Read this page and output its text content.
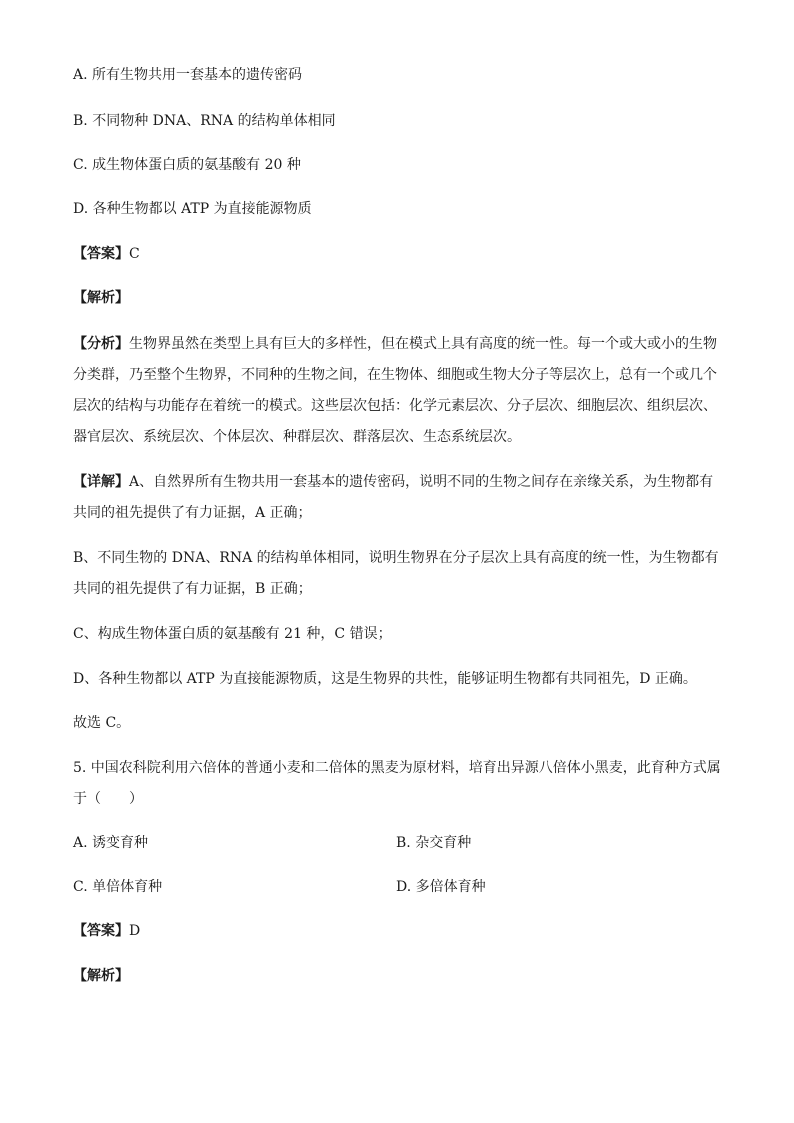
A. 所有生物共用一套基本的遗传密码
B. 不同物种 DNA、RNA 的结构单体相同
C. 成生物体蛋白质的氨基酸有 20 种
D. 各种生物都以 ATP 为直接能源物质
【答案】C
【解析】
【分析】生物界虽然在类型上具有巨大的多样性，但在模式上具有高度的统一性。每一个或大或小的生物
分类群，乃至整个生物界，不同种的生物之间，在生物体、细胞或生物大分子等层次上，总有一个或几个
层次的结构与功能存在着统一的模式。这些层次包括：化学元素层次、分子层次、细胞层次、组织层次、
器官层次、系统层次、个体层次、种群层次、群落层次、生态系统层次。
【详解】A、自然界所有生物共用一套基本的遗传密码，说明不同的生物之间存在亲缘关系，为生物都有
共同的祖先提供了有力证据，A 正确；
B、不同生物的 DNA、RNA 的结构单体相同，说明生物界在分子层次上具有高度的统一性，为生物都有
共同的祖先提供了有力证据，B 正确；
C、构成生物体蛋白质的氨基酸有 21 种，C 错误；
D、各种生物都以 ATP 为直接能源物质，这是生物界的共性，能够证明生物都有共同祖先，D 正确。
故选 C。
5. 中国农科院利用六倍体的普通小麦和二倍体的黑麦为原材料，培育出异源八倍体小黑麦，此育种方式属
于（　　）
A. 诱变育种	B. 杂交育种
C. 单倍体育种	D. 多倍体育种
【答案】D
【解析】
